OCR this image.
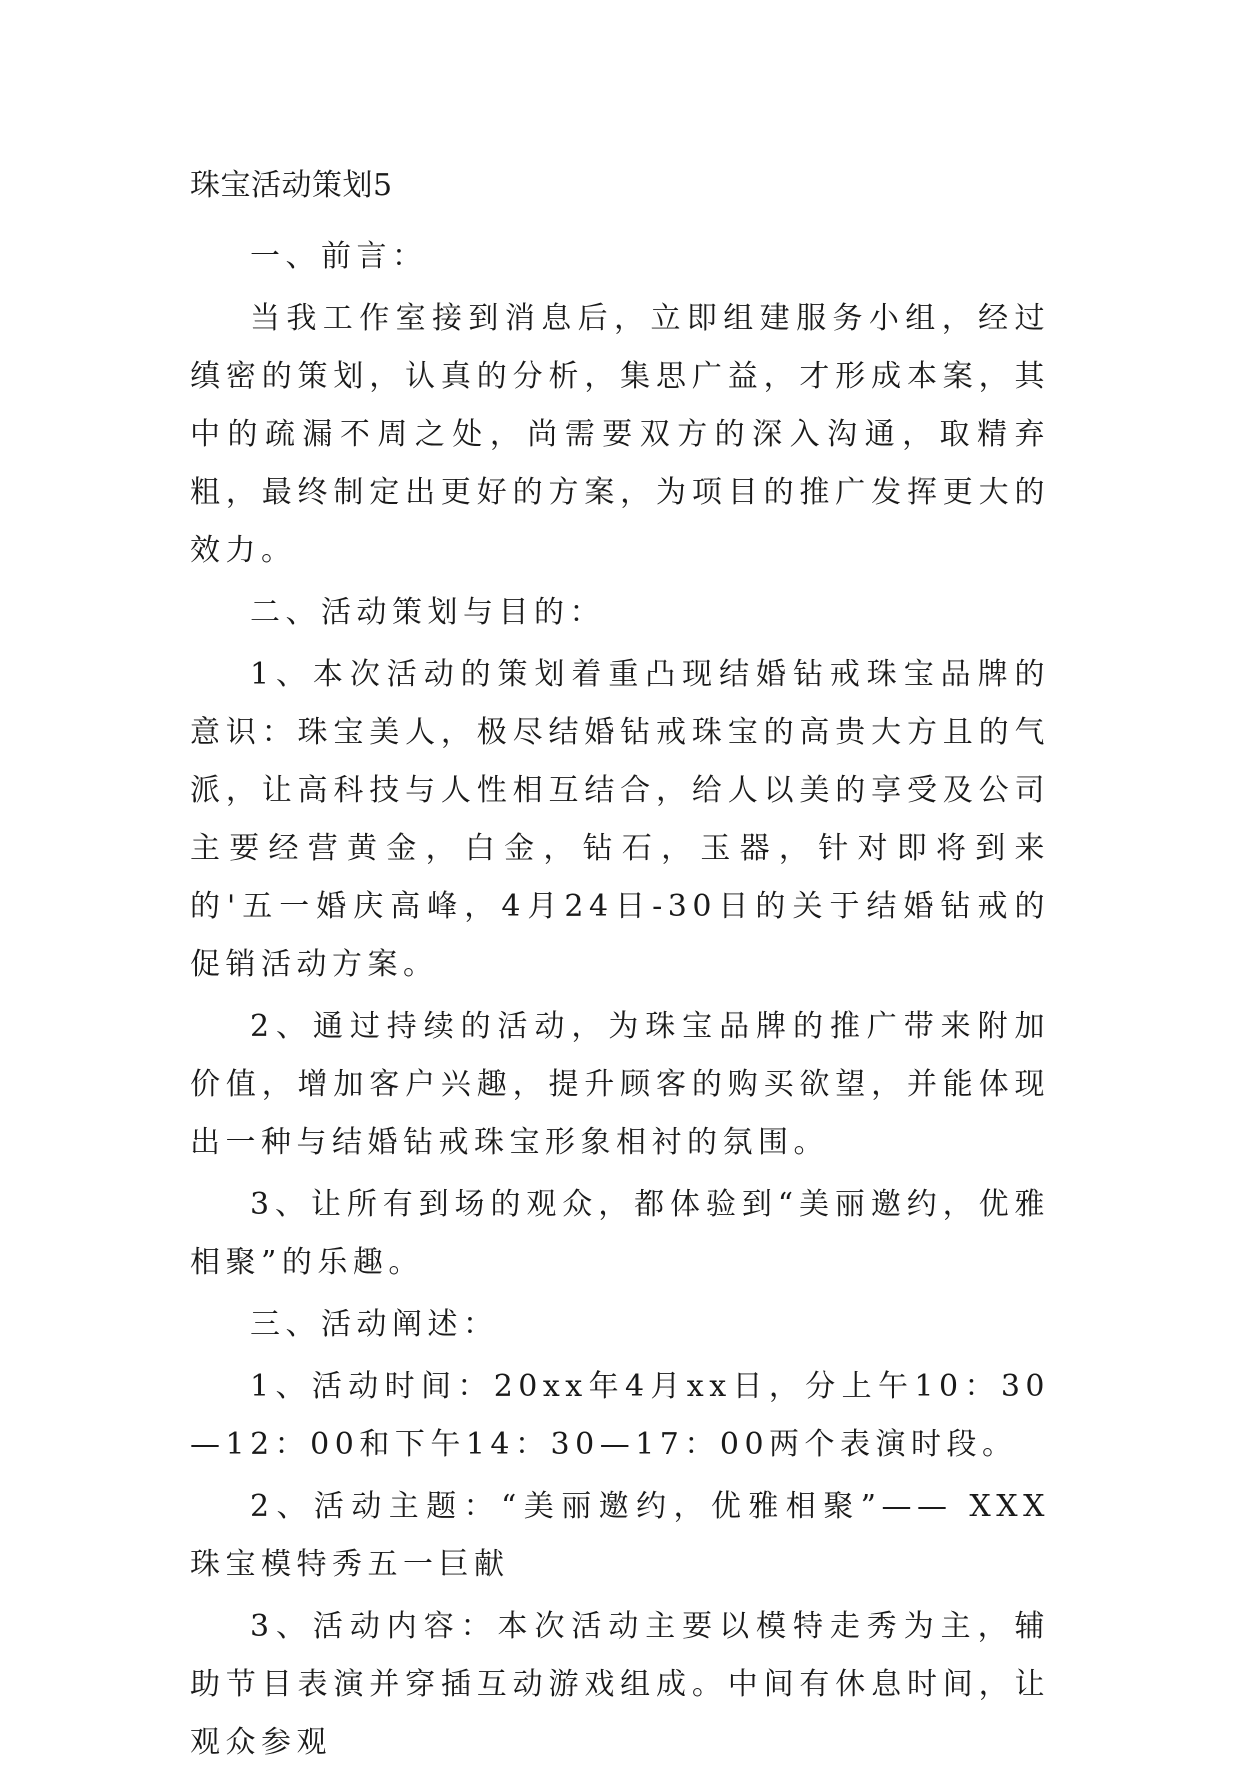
珠宝活动策划5
一、前言：
当我工作室接到消息后，立即组建服务小组，经过缜密的策划，认真的分析，集思广益，才形成本案，其中的疏漏不周之处，尚需要双方的深入沟通，取精弃粗，最终制定出更好的方案，为项目的推广发挥更大的效力。
二、活动策划与目的：
1、本次活动的策划着重凸现结婚钻戒珠宝品牌的意识：珠宝美人，极尽结婚钻戒珠宝的高贵大方且的气派，让高科技与人性相互结合，给人以美的享受及公司主要经营黄金，白金，钻石，玉器，针对即将到来的'五一婚庆高峰，4月24日-30日的关于结婚钻戒的促销活动方案。
2、通过持续的活动，为珠宝品牌的推广带来附加价值，增加客户兴趣，提升顾客的购买欲望，并能体现出一种与结婚钻戒珠宝形象相衬的氛围。
3、让所有到场的观众，都体验到“美丽邀约，优雅相聚”的乐趣。
三、活动阐述：
1、活动时间：20xx年4月xx日，分上午10：30—12：00和下午14：30—17：00两个表演时段。
2、活动主题：“美丽邀约，优雅相聚”—— XXX珠宝模特秀五一巨献
3、活动内容：本次活动主要以模特走秀为主，辅助节目表演并穿插互动游戏组成。中间有休息时间，让观众参观
